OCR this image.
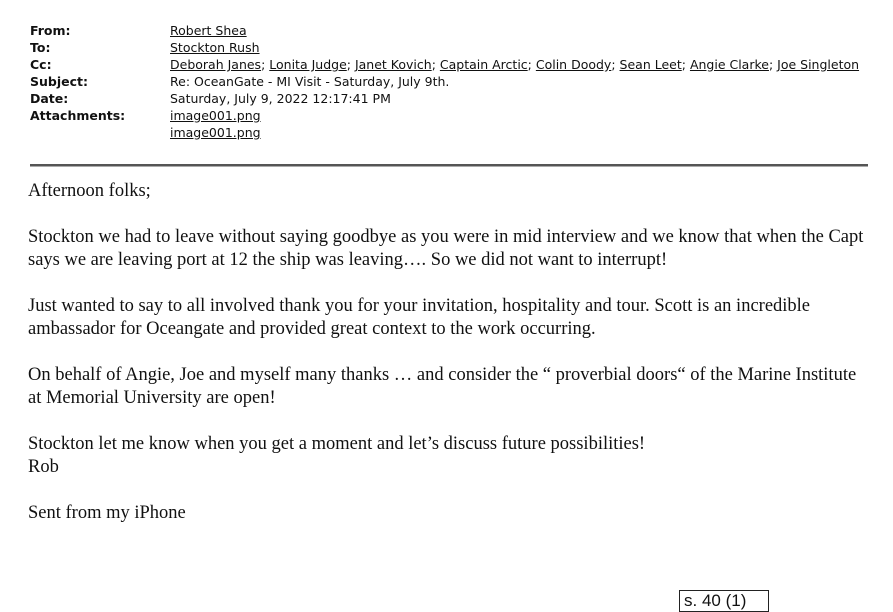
From:	Robert Shea
To:	Stockton Rush
Cc:	Deborah Janes; Lonita Judge; Janet Kovich; Captain Arctic; Colin Doody; Sean Leet; Angie Clarke; Joe Singleton
Subject:	Re: OceanGate - MI Visit - Saturday, July 9th.
Date:	Saturday, July 9, 2022 12:17:41 PM
Attachments:	image001.png
image001.png

Afternoon folks;

Stockton we had to leave without saying goodbye as you were in mid interview and we know that when the Capt says we are leaving port at 12 the ship was leaving…. So we did not want to interrupt!

Just wanted to say to all involved thank you for your invitation, hospitality and tour. Scott is an incredible ambassador for Oceangate and provided great context to the work occurring.

On behalf of Angie, Joe and myself many thanks … and consider the “ proverbial doors“ of the Marine Institute at Memorial University are open!

Stockton let me know when you get a moment and let’s discuss future possibilities!

Rob

Sent from my iPhone

s. 40 (1)
